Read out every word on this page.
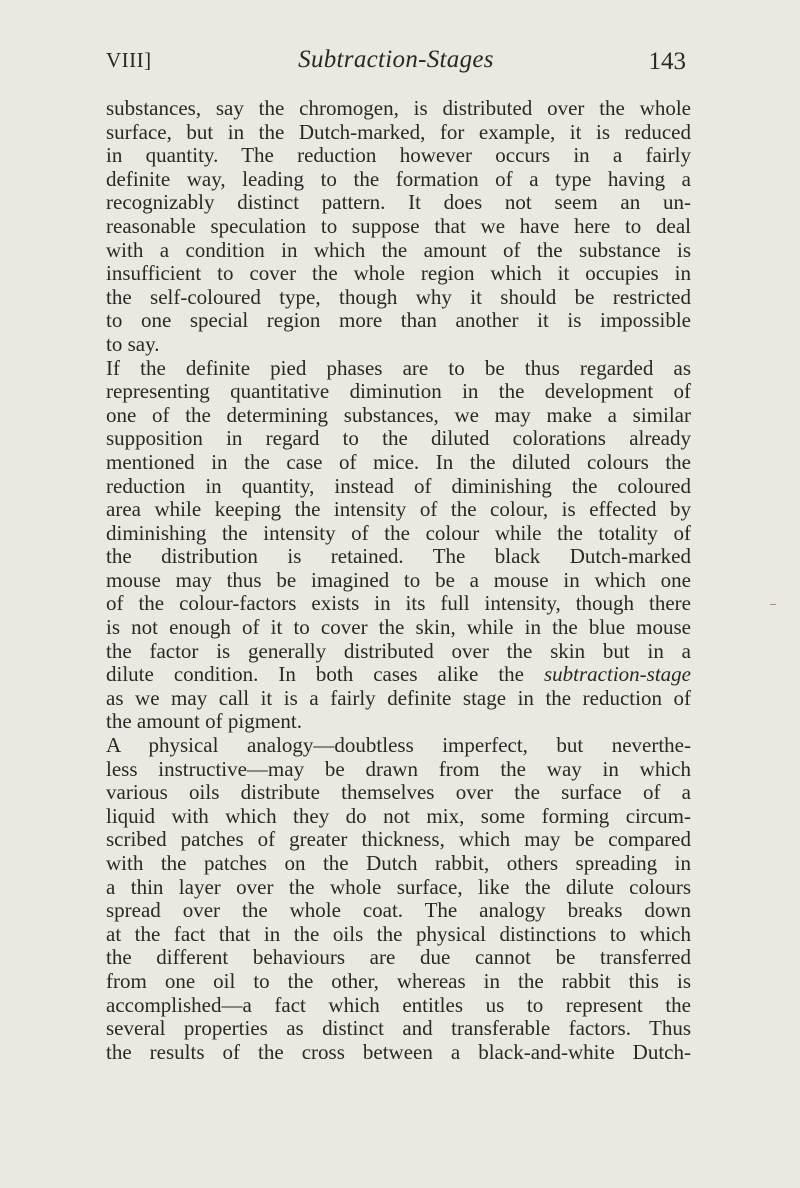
VIII]	Subtraction-Stages	143
substances, say the chromogen, is distributed over the whole
surface, but in the Dutch-marked, for example, it is reduced
in quantity. The reduction however occurs in a fairly
definite way, leading to the formation of a type having a
recognizably distinct pattern. It does not seem an un-
reasonable speculation to suppose that we have here to deal
with a condition in which the amount of the substance is
insufficient to cover the whole region which it occupies in
the self-coloured type, though why it should be restricted
to one special region more than another it is impossible
to say.
If the definite pied phases are to be thus regarded as
representing quantitative diminution in the development of
one of the determining substances, we may make a similar
supposition in regard to the diluted colorations already
mentioned in the case of mice. In the diluted colours the
reduction in quantity, instead of diminishing the coloured
area while keeping the intensity of the colour, is effected by
diminishing the intensity of the colour while the totality of
the distribution is retained. The black Dutch-marked
mouse may thus be imagined to be a mouse in which one
of the colour-factors exists in its full intensity, though there
is not enough of it to cover the skin, while in the blue mouse
the factor is generally distributed over the skin but in a
dilute condition. In both cases alike the subtraction-stage
as we may call it is a fairly definite stage in the reduction of
the amount of pigment.
A physical analogy—doubtless imperfect, but neverthe-
less instructive—may be drawn from the way in which
various oils distribute themselves over the surface of a
liquid with which they do not mix, some forming circum-
scribed patches of greater thickness, which may be compared
with the patches on the Dutch rabbit, others spreading in
a thin layer over the whole surface, like the dilute colours
spread over the whole coat. The analogy breaks down
at the fact that in the oils the physical distinctions to which
the different behaviours are due cannot be transferred
from one oil to the other, whereas in the rabbit this is
accomplished—a fact which entitles us to represent the
several properties as distinct and transferable factors. Thus
the results of the cross between a black-and-white Dutch-
